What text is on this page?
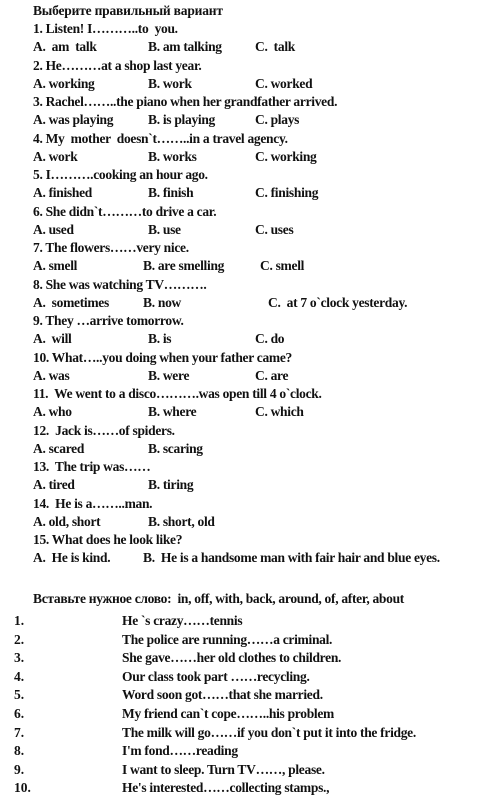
Выберите правильный вариант
1. Listen! I………..to  you.
A.  am  talk	B. am talking C.  talk
2. He………at a shop last year.
A. working	B. work	C. worked
3. Rachel……..the piano when her grandfather arrived.
A. was playing	B. is playing	C. plays
4. My  mother  doesn`t……..in a travel agency.
A. work	B. works	C. working
5. I……….cooking an hour ago.
A. finished	B. finish	C. finishing
6. She didn`t………to drive a car.
A. used	B. use	C. uses
7. The flowers……very nice.
A. smell	B. are smelling	C. smell
8. She was watching TV……….
A.  sometimes	B. now	C.  at 7 o`clock yesterday.
9. They …arrive tomorrow.
A.  will	B. is	C. do
10. What…..you doing when your father came?
A. was	B. were	C. are
11.  We went to a disco……….was open till 4 o`clock.
A. who	B. where	C. which
12.  Jack is……of spiders.
A. scared	B. scaring
13.  The trip was……
A. tired	B. tiring
14.  He is a……..man.
A. old, short	B. short, old
15. What does he look like?
A.  He is kind. B.  He is a handsome man with fair hair and blue eyes.
Вставьте нужное слово:  in, off, with, back, around, of, after, about
1.	He `s crazy……tennis
2.	The police are running……a criminal.
3.	She gave……her old clothes to children.
4.	Our class took part ……recycling.
5.	Word soon got……that she married.
6.	My friend can`t cope……..his problem
7.	The milk will go……if you don`t put it into the fridge.
8.	I'm fond……reading
9.	I want to sleep. Turn TV……, please.
10.	He's interested……collecting stamps.,
